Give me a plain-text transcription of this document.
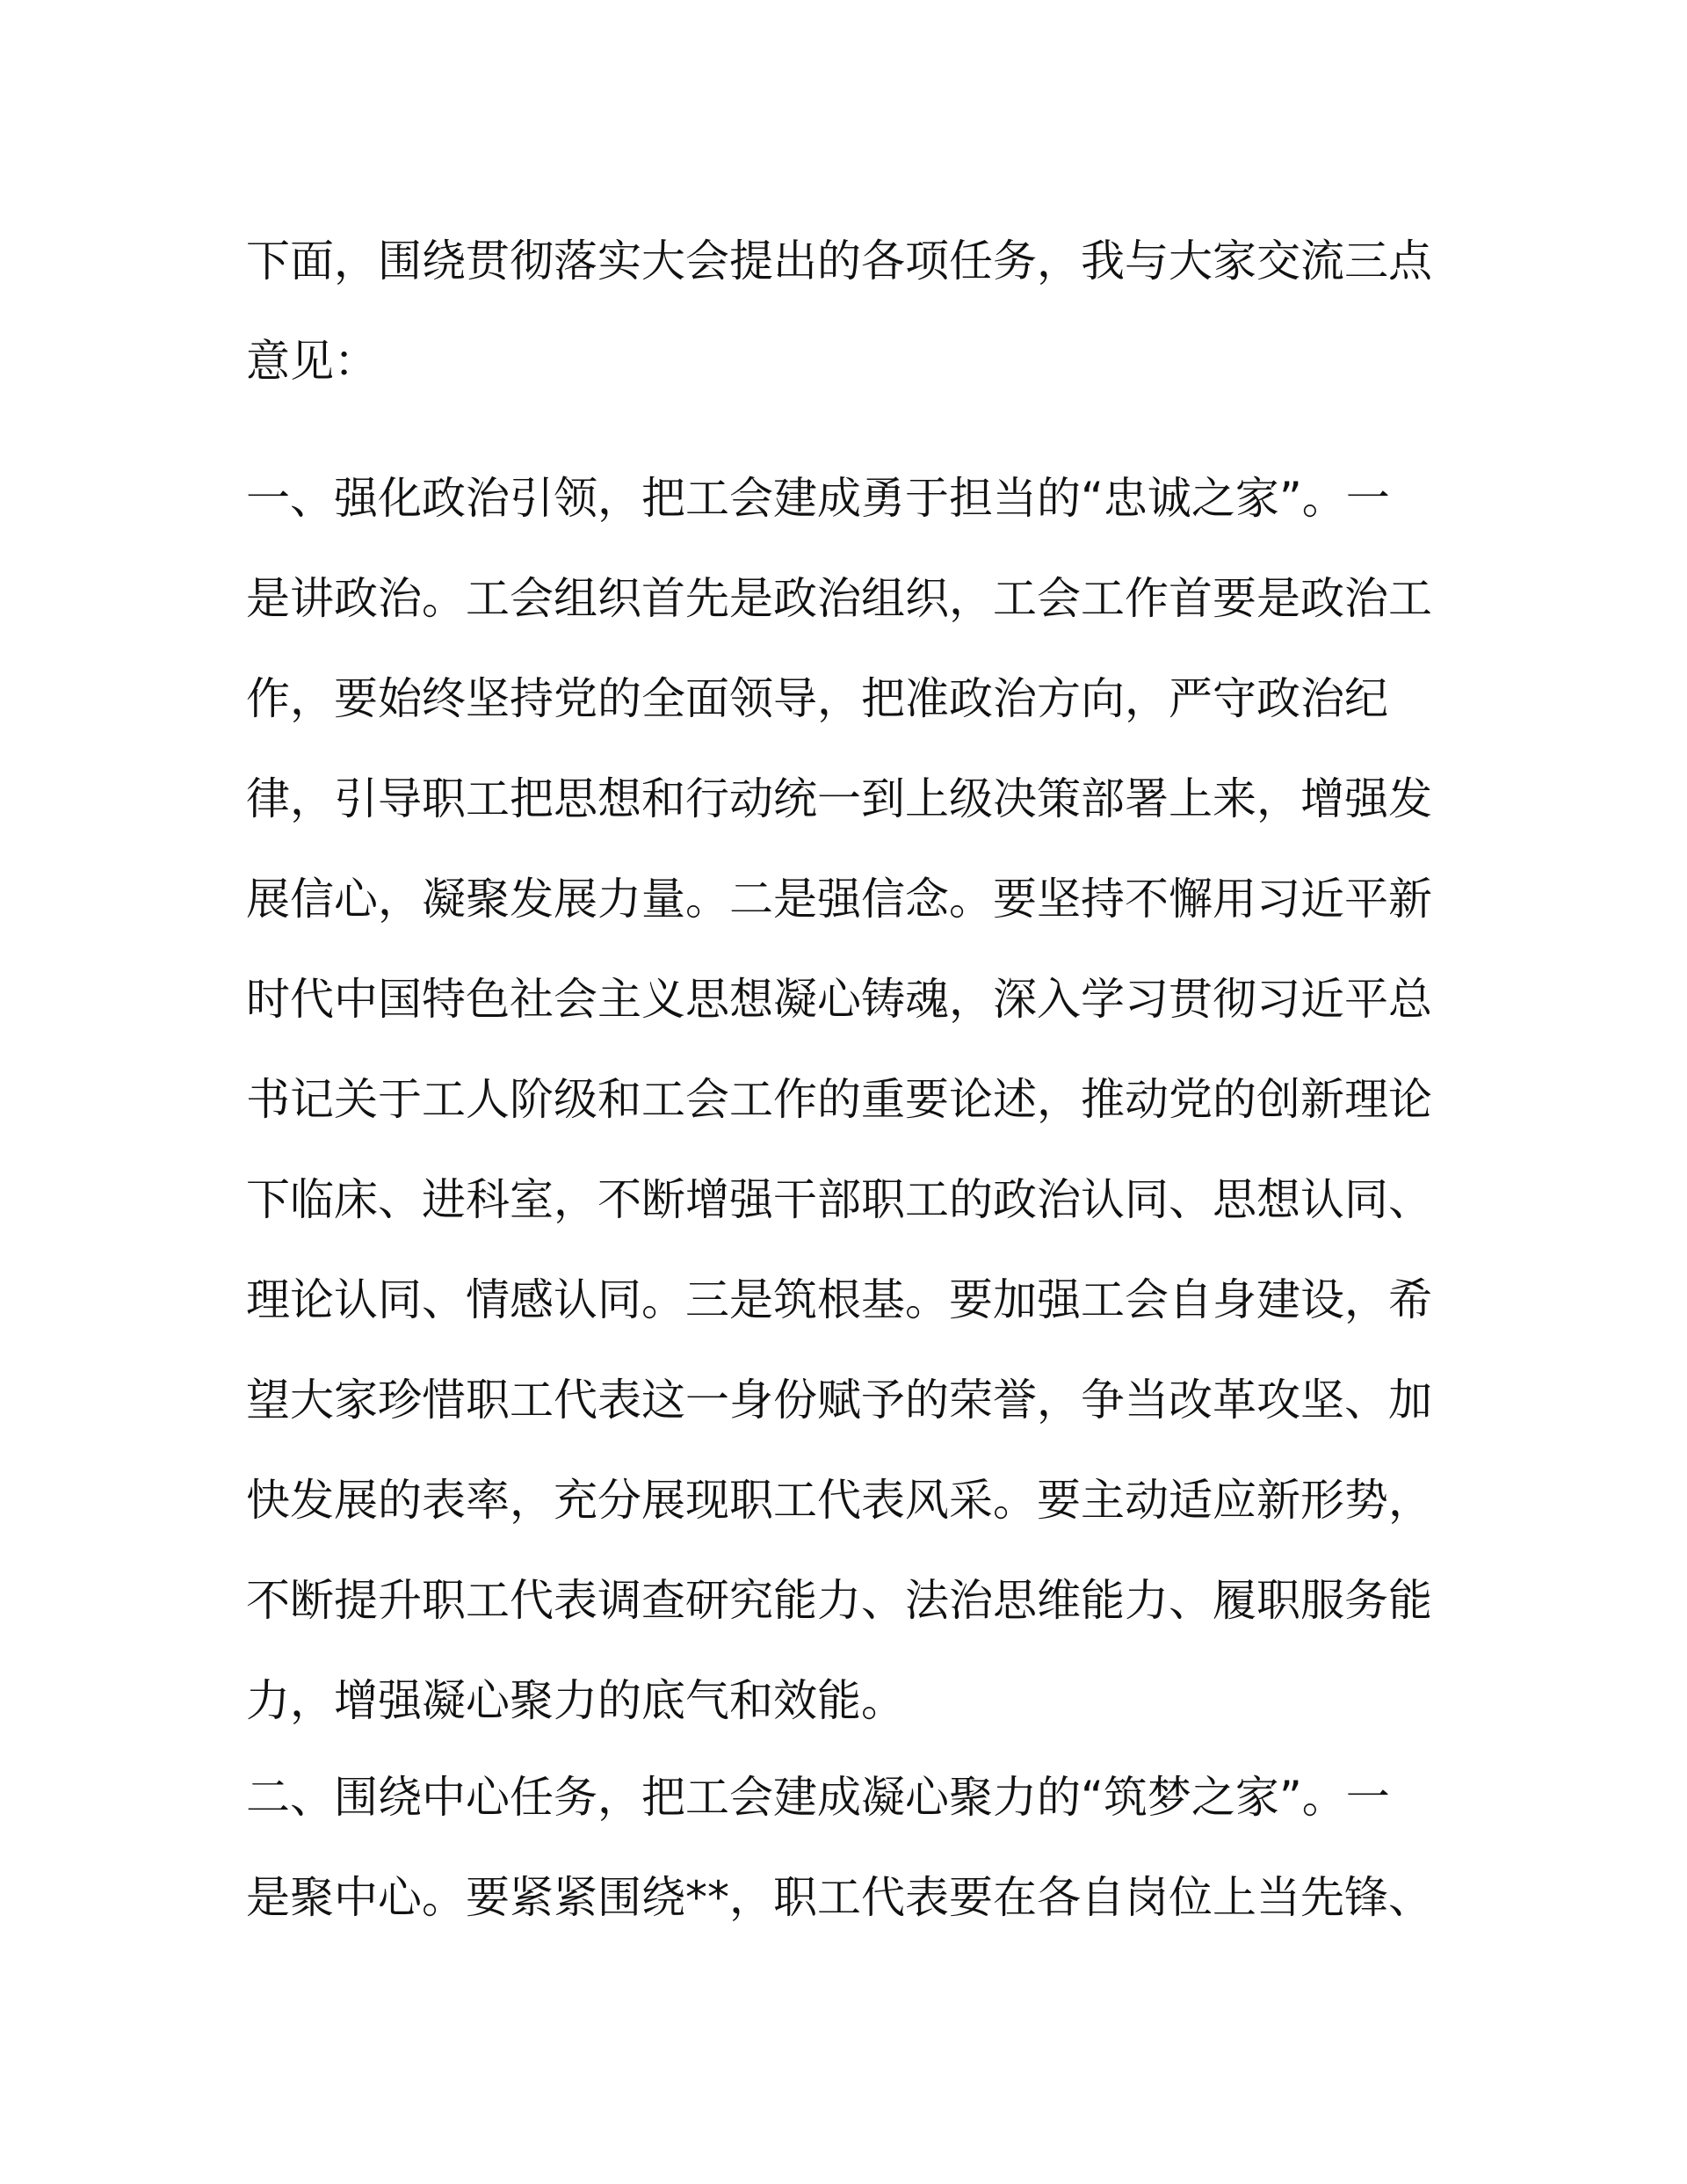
下面，围绕贯彻落实大会提出的各项任务，我与大家交流三点
意见：
一、强化政治引领，把工会建成勇于担当的“忠诚之家”。一
是讲政治。工会组织首先是政治组织，工会工作首要是政治工
作，要始终坚持党的全面领导，把准政治方向，严守政治纪
律，引导职工把思想和行动统一到上级决策部署上来，增强发
展信心，凝聚发展力量。二是强信念。要坚持不懈用习近平新
时代中国特色社会主义思想凝心铸魂，深入学习贯彻习近平总
书记关于工人阶级和工会工作的重要论述，推动党的创新理论
下临床、进科室，不断增强干部职工的政治认同、思想认同、
理论认同、情感认同。三是筑根基。要加强工会自身建设，希
望大家珍惜职工代表这一身份赋予的荣誉，争当改革攻坚、加
快发展的表率，充分展现职工代表风采。要主动适应新形势，
不断提升职工代表调查研究能力、法治思维能力、履职服务能
力，增强凝心聚力的底气和效能。
二、围绕中心任务，把工会建成凝心聚力的“筑梦之家”。一
是聚中心。要紧紧围绕**，职工代表要在各自岗位上当先锋、
